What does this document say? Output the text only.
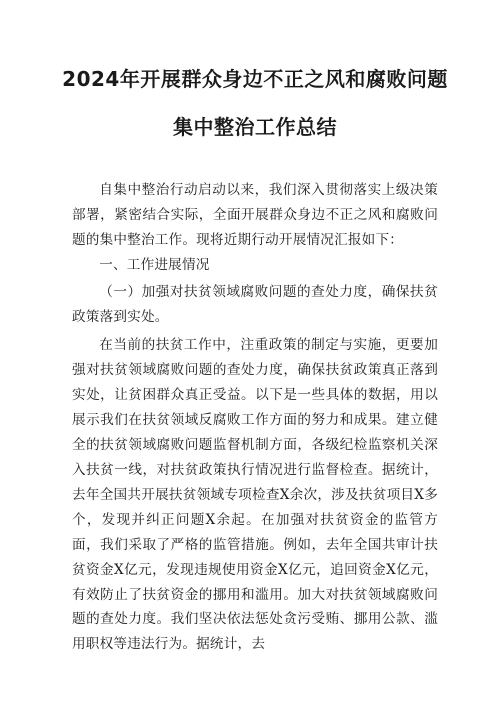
2024年开展群众身边不正之风和腐败问题
集中整治工作总结

自集中整治行动启动以来，我们深入贯彻落实上级决策部署，紧密结合实际，全面开展群众身边不正之风和腐败问题的集中整治工作。现将近期行动开展情况汇报如下：

一、工作进展情况

（一）加强对扶贫领域腐败问题的查处力度，确保扶贫政策落到实处。

在当前的扶贫工作中，注重政策的制定与实施，更要加强对扶贫领域腐败问题的查处力度，确保扶贫政策真正落到实处，让贫困群众真正受益。以下是一些具体的数据，用以展示我们在扶贫领域反腐败工作方面的努力和成果。建立健全的扶贫领域腐败问题监督机制方面，各级纪检监察机关深入扶贫一线，对扶贫政策执行情况进行监督检查。据统计，去年全国共开展扶贫领域专项检查X余次，涉及扶贫项目X多个，发现并纠正问题X余起。在加强对扶贫资金的监管方面，我们采取了严格的监管措施。例如，去年全国共审计扶贫资金X亿元，发现违规使用资金X亿元，追回资金X亿元，有效防止了扶贫资金的挪用和滥用。加大对扶贫领域腐败问题的查处力度。我们坚决依法惩处贪污受贿、挪用公款、滥用职权等违法行为。据统计，去
